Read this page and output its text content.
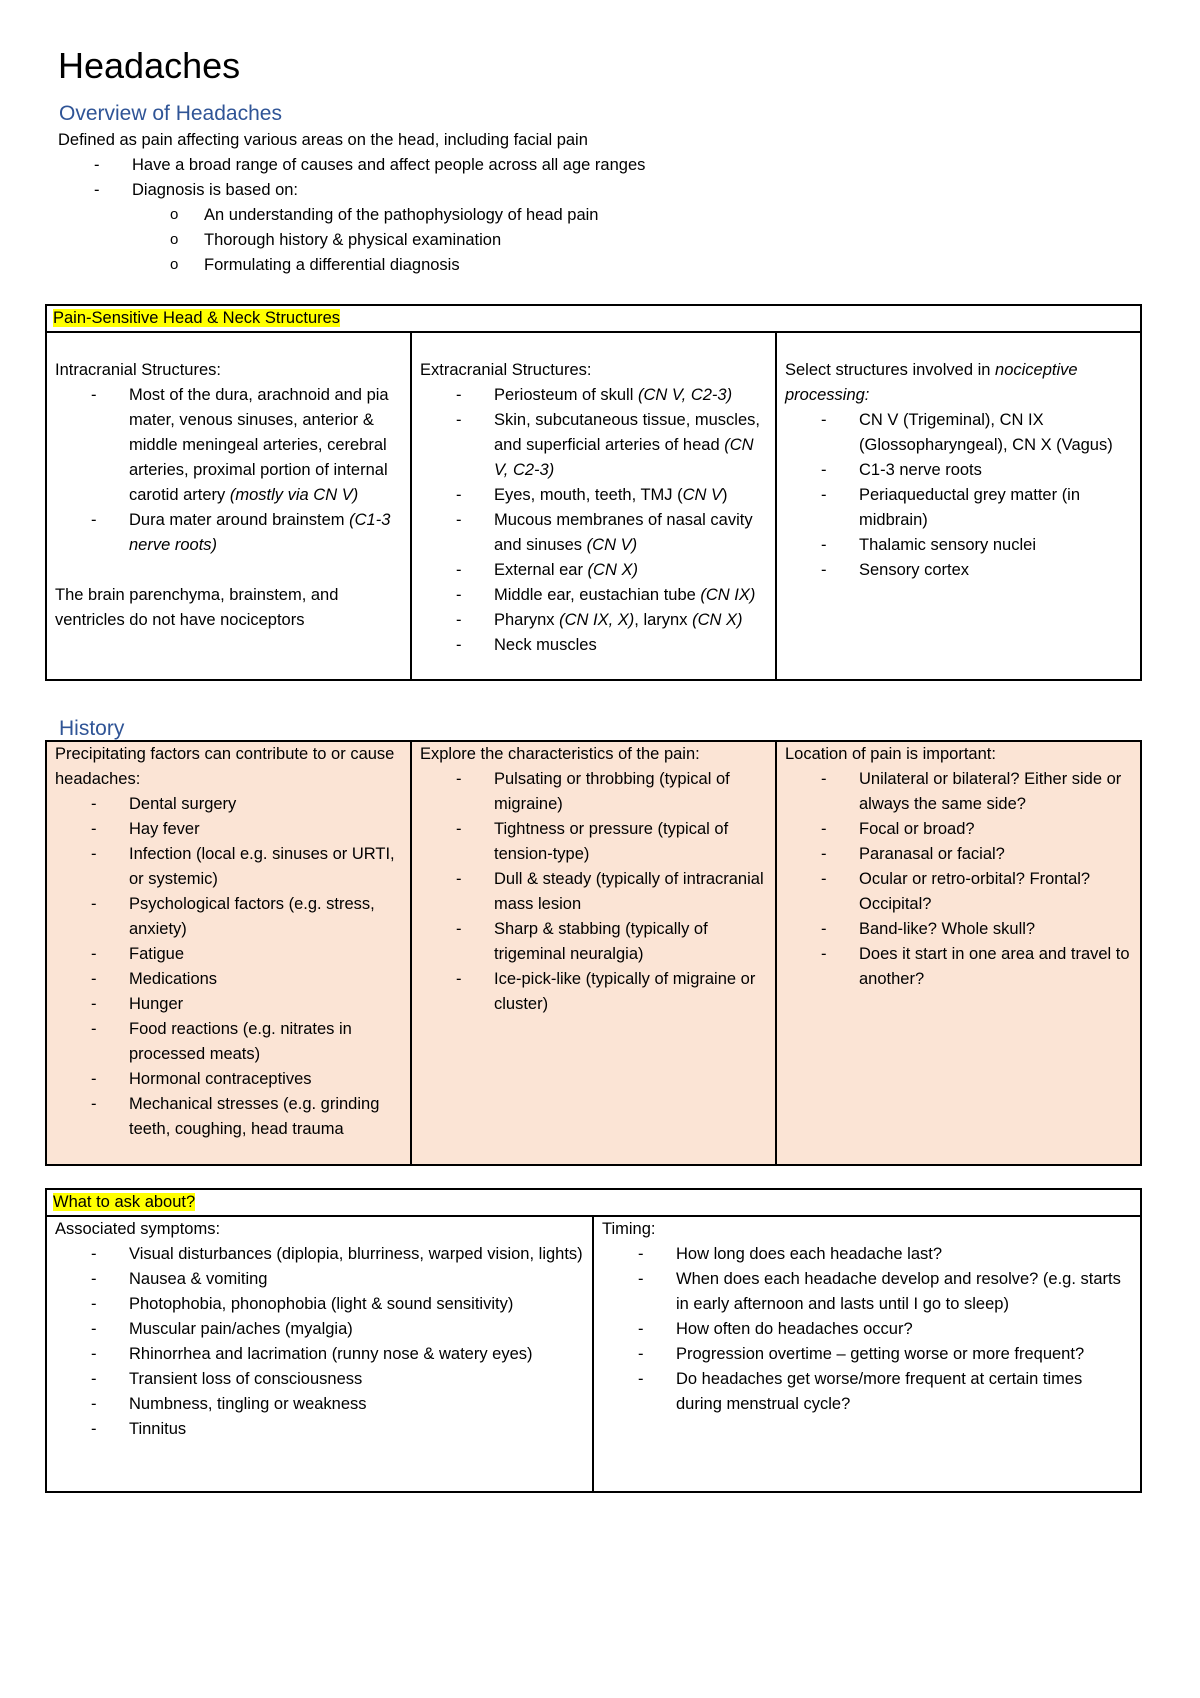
Headaches
Overview of Headaches
Defined as pain affecting various areas on the head, including facial pain
- Have a broad range of causes and affect people across all age ranges
- Diagnosis is based on:
o An understanding of the pathophysiology of head pain
o Thorough history & physical examination
o Formulating a differential diagnosis
Pain-Sensitive Head & Neck Structures

Intracranial Structures:
- Most of the dura, arachnoid and pia mater, venous sinuses, anterior & middle meningeal arteries, cerebral arteries, proximal portion of internal carotid artery (mostly via CN V)
- Dura mater around brainstem (C1-3 nerve roots)
The brain parenchyma, brainstem, and ventricles do not have nociceptors

Extracranial Structures:
- Periosteum of skull (CN V, C2-3)
- Skin, subcutaneous tissue, muscles, and superficial arteries of head (CN V, C2-3)
- Eyes, mouth, teeth, TMJ (CN V)
- Mucous membranes of nasal cavity and sinuses (CN V)
- External ear (CN X)
- Middle ear, eustachian tube (CN IX)
- Pharynx (CN IX, X), larynx (CN X)
- Neck muscles

Select structures involved in nociceptive processing:
- CN V (Trigeminal), CN IX (Glossopharyngeal), CN X (Vagus)
- C1-3 nerve roots
- Periaqueductal grey matter (in midbrain)
- Thalamic sensory nuclei
- Sensory cortex
History
Precipitating factors can contribute to or cause headaches:
- Dental surgery
- Hay fever
- Infection (local e.g. sinuses or URTI, or systemic)
- Psychological factors (e.g. stress, anxiety)
- Fatigue
- Medications
- Hunger
- Food reactions (e.g. nitrates in processed meats)
- Hormonal contraceptives
- Mechanical stresses (e.g. grinding teeth, coughing, head trauma

Explore the characteristics of the pain:
- Pulsating or throbbing (typical of migraine)
- Tightness or pressure (typical of tension-type)
- Dull & steady (typically of intracranial mass lesion
- Sharp & stabbing (typically of trigeminal neuralgia)
- Ice-pick-like (typically of migraine or cluster)

Location of pain is important:
- Unilateral or bilateral? Either side or always the same side?
- Focal or broad?
- Paranasal or facial?
- Ocular or retro-orbital? Frontal? Occipital?
- Band-like? Whole skull?
- Does it start in one area and travel to another?
What to ask about?

Associated symptoms:
- Visual disturbances (diplopia, blurriness, warped vision, lights)
- Nausea & vomiting
- Photophobia, phonophobia (light & sound sensitivity)
- Muscular pain/aches (myalgia)
- Rhinorrhea and lacrimation (runny nose & watery eyes)
- Transient loss of consciousness
- Numbness, tingling or weakness
- Tinnitus

Timing:
- How long does each headache last?
- When does each headache develop and resolve? (e.g. starts in early afternoon and lasts until I go to sleep)
- How often do headaches occur?
- Progression overtime – getting worse or more frequent?
- Do headaches get worse/more frequent at certain times during menstrual cycle?
